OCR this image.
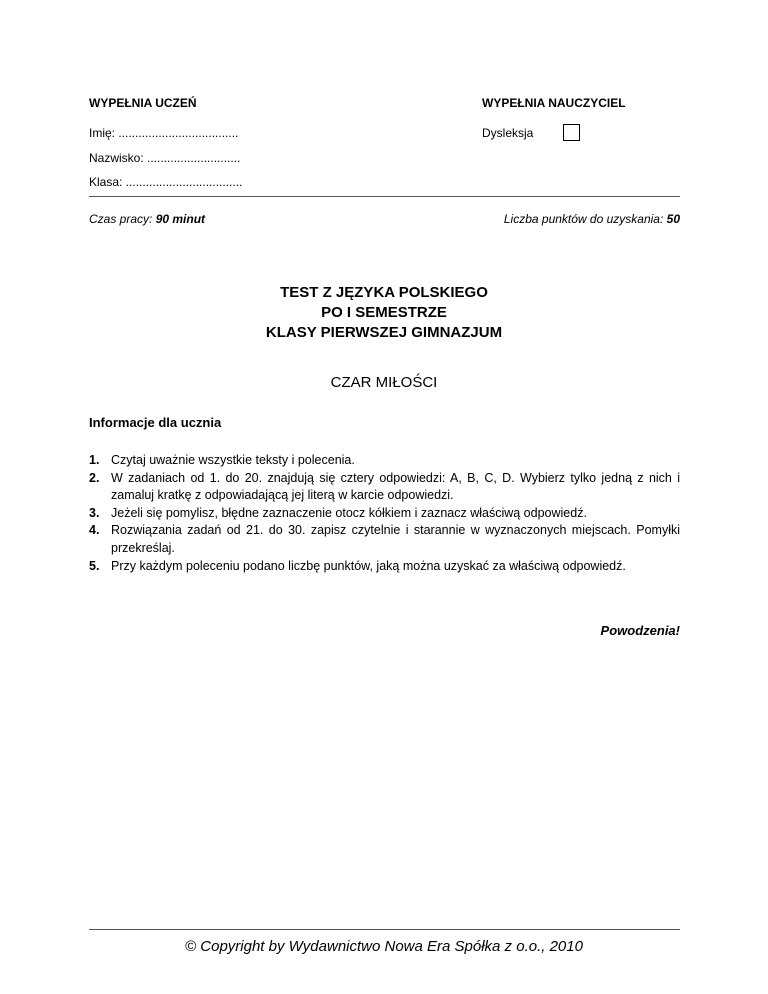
WYPEŁNIA UCZEŃ	WYPEŁNIA NAUCZYCIEL
Imię: ....................................	Dysleksja
Nazwisko: ............................
Klasa: ...................................
Czas pracy: 90 minut	Liczba punktów do uzyskania: 50
TEST Z JĘZYKA POLSKIEGO
PO I SEMESTRZE
KLASY PIERWSZEJ GIMNAZJUM
CZAR MIŁOŚCI
Informacje dla ucznia
1. Czytaj uważnie wszystkie teksty i polecenia.
2. W zadaniach od 1. do 20. znajdują się cztery odpowiedzi: A, B, C, D. Wybierz tylko jedną z nich i zamaluj kratkę z odpowiadającą jej literą w karcie odpowiedzi.
3. Jeżeli się pomylisz, błędne zaznaczenie otocz kółkiem i zaznacz właściwą odpowiedź.
4. Rozwiązania zadań od 21. do 30. zapisz czytelnie i starannie w wyznaczonych miejscach. Pomyłki przekreślaj.
5. Przy każdym poleceniu podano liczbę punktów, jaką można uzyskać za właściwą odpowiedź.
Powodzenia!
© Copyright by Wydawnictwo Nowa Era Spółka z o.o., 2010
